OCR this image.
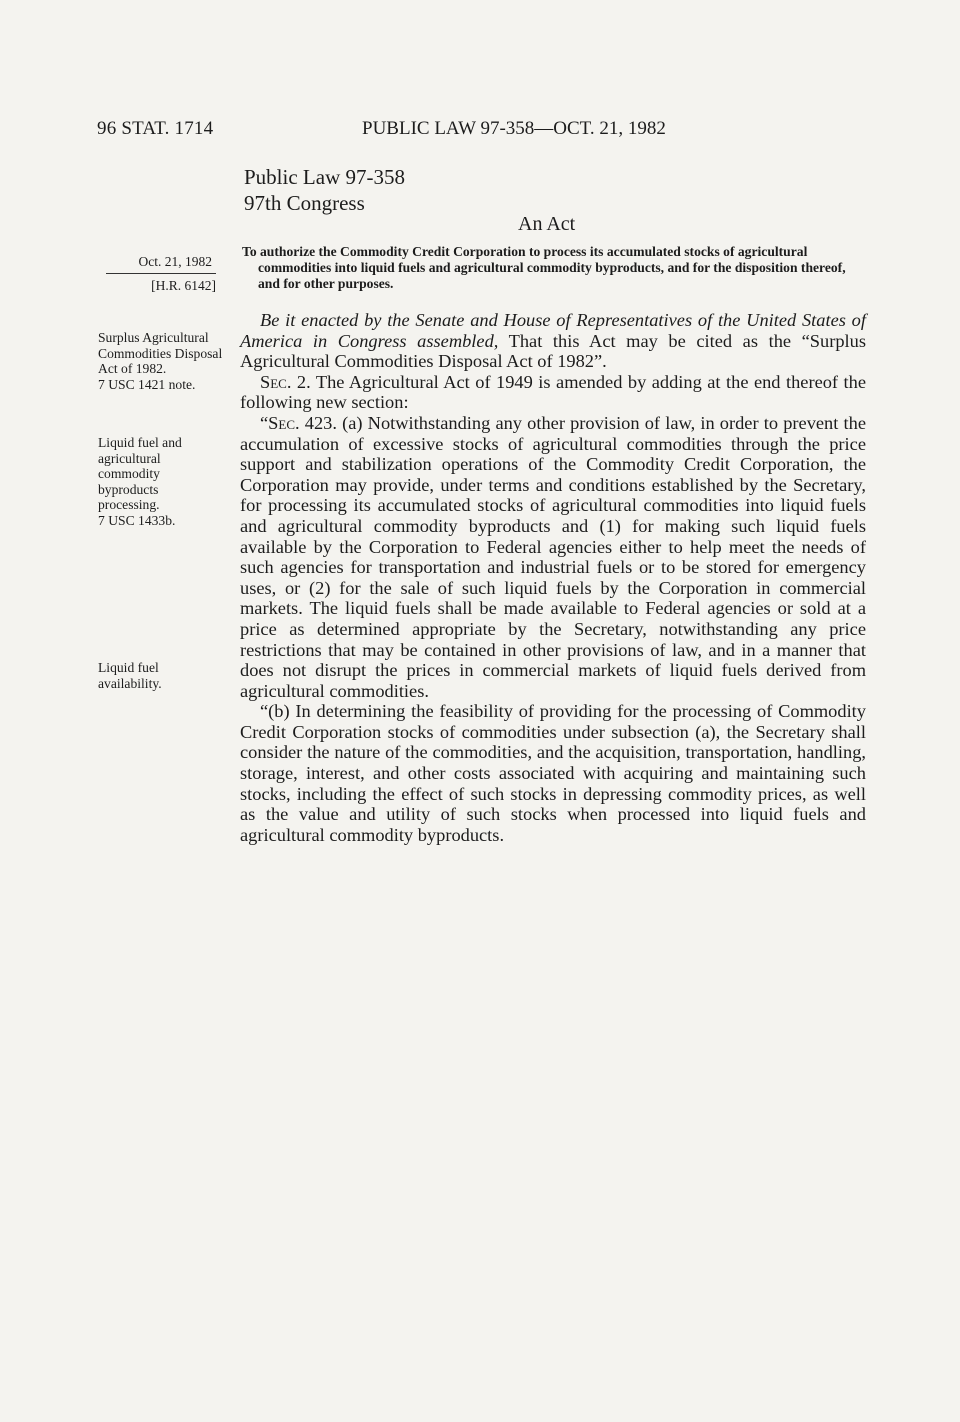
96 STAT. 1714	PUBLIC LAW 97-358—OCT. 21, 1982
Public Law 97-358
97th Congress
An Act

To authorize the Commodity Credit Corporation to process its accumulated stocks of agricultural commodities into liquid fuels and agricultural commodity byproducts, and for the disposition thereof, and for other purposes.

Oct. 21, 1982
[H.R. 6142]

Surplus Agricultural Commodities Disposal Act of 1982.

7 USC 1421 note.

Liquid fuel and agricultural commodity byproducts processing.

7 USC 1433b.

Liquid fuel availability.

Be it enacted by the Senate and House of Representatives of the United States of America in Congress assembled, That this Act may be cited as the “Surplus Agricultural Commodities Disposal Act of 1982”.

Sec. 2. The Agricultural Act of 1949 is amended by adding at the end thereof the following new section:

“Sec. 423. (a) Notwithstanding any other provision of law, in order to prevent the accumulation of excessive stocks of agricultural commodities through the price support and stabilization operations of the Commodity Credit Corporation, the Corporation may provide, under terms and conditions established by the Secretary, for processing its accumulated stocks of agricultural commodities into liquid fuels and agricultural commodity byproducts and (1) for making such liquid fuels available by the Corporation to Federal agencies either to help meet the needs of such agencies for transportation and industrial fuels or to be stored for emergency uses, or (2) for the sale of such liquid fuels by the Corporation in commercial markets. The liquid fuels shall be made available to Federal agencies or sold at a price as determined appropriate by the Secretary, notwithstanding any price restrictions that may be contained in other provisions of law, and in a manner that does not disrupt the prices in commercial markets of liquid fuels derived from agricultural commodities.

“(b) In determining the feasibility of providing for the processing of Commodity Credit Corporation stocks of commodities under subsection (a), the Secretary shall consider the nature of the commodities, and the acquisition, transportation, handling, storage, interest, and other costs associated with acquiring and maintaining such stocks, including the effect of such stocks in depressing commodity prices, as well as the value and utility of such stocks when processed into liquid fuels and agricultural commodity byproducts.
